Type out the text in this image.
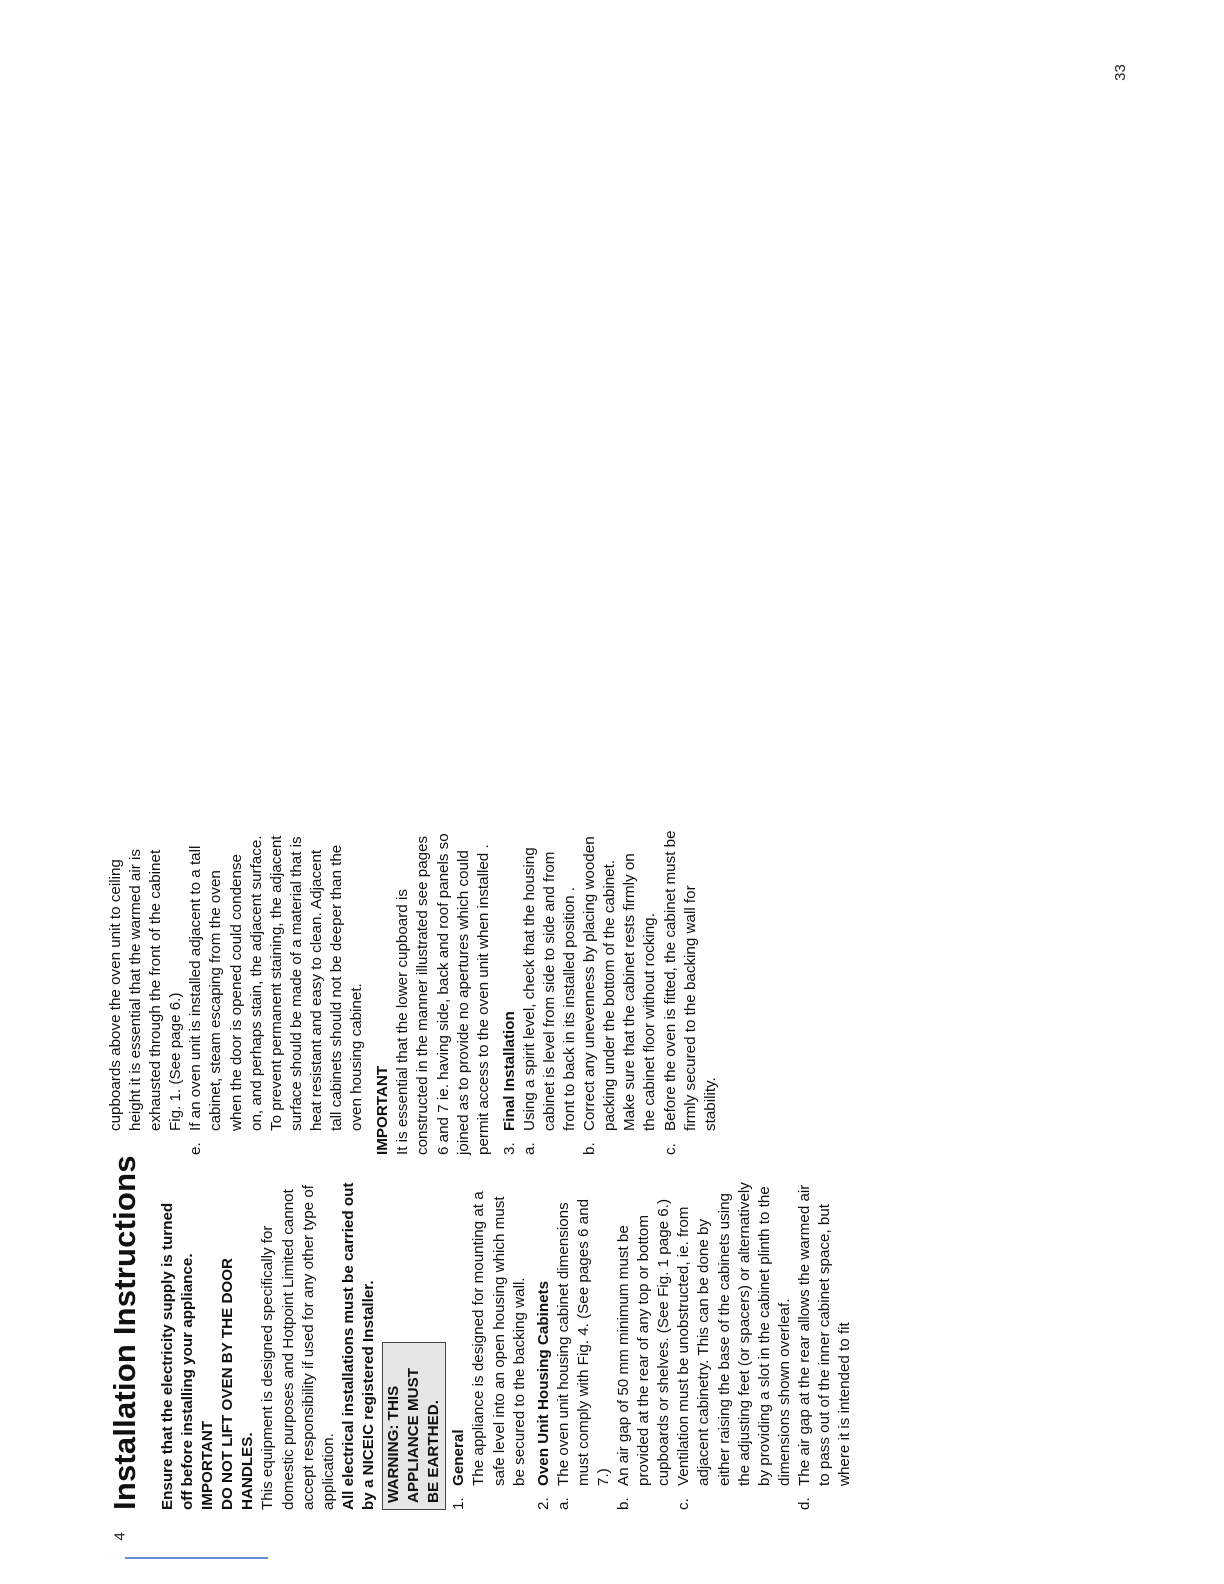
33
4
Installation Instructions Ensure that the electricity supply is turned off before installing your appliance. IMPORTANT DO NOT LIFT OVEN BY THE DOOR HANDLES. This equipment is designed specifically for domestic purposes and Hotpoint Limited cannot accept responsibility if used for any other type of application. All electrical installations must be carried out by a NICEIC registered Installer. WARNING: THIS APPLIANCE MUST BE EARTHED.
1.
General The appliance is designed for mounting at a safe level into an open housing which must be secured to the backing wall.

2.
Oven Unit Housing Cabinets
a.
The oven unit housing cabinet dimensions must comply with Fig. 4. (See pages 6 and 7.)
b.
An air gap of 50 mm minimum must be provided at the rear of any top or bottom cupboards or shelves. (See Fig. 1 page 6.)
c.
Ventilation must be unobstructed, ie. from adjacent cabinetry. This can be done by either raising the base of the cabinets using the adjusting feet (or spacers) or alternatively by providing a slot in the cabinet plinth to the dimensions shown overleaf.
d.
The air gap at the rear allows the warmed air to pass out of the inner cabinet space, but where it is intended to fit

cupboards above the oven unit to ceiling height it is essential that the warmed air is exhausted through the front of the cabinet Fig. 1. (See page 6.)

e.
If an oven unit is installed adjacent to a tall cabinet, steam escaping from the oven when the door is opened could condense on, and perhaps stain, the adjacent surface. To prevent permanent staining, the adjacent surface should be made of a material that is heat resistant and easy to clean. Adjacent tall cabinets should not be deeper than the oven housing cabinet. IMPORTANT It is essential that the lower cupboard is constructed in the manner illustrated see pages 6 and 7 ie. having side, back and roof panels so joined as to provide no apertures which could permit access to the oven unit when installed . 3.
Final Installation
a.
Using a spirit level, check that the housing cabinet is level from side to side and from front to back in its installed position .
b.
Correct any unevenness by placing wooden packing under the bottom of the cabinet. Make sure that the cabinet rests firmly on the cabinet floor without rocking.
c.
Before the oven is fitted, the cabinet must be firmly secured to the backing wall for stability.
